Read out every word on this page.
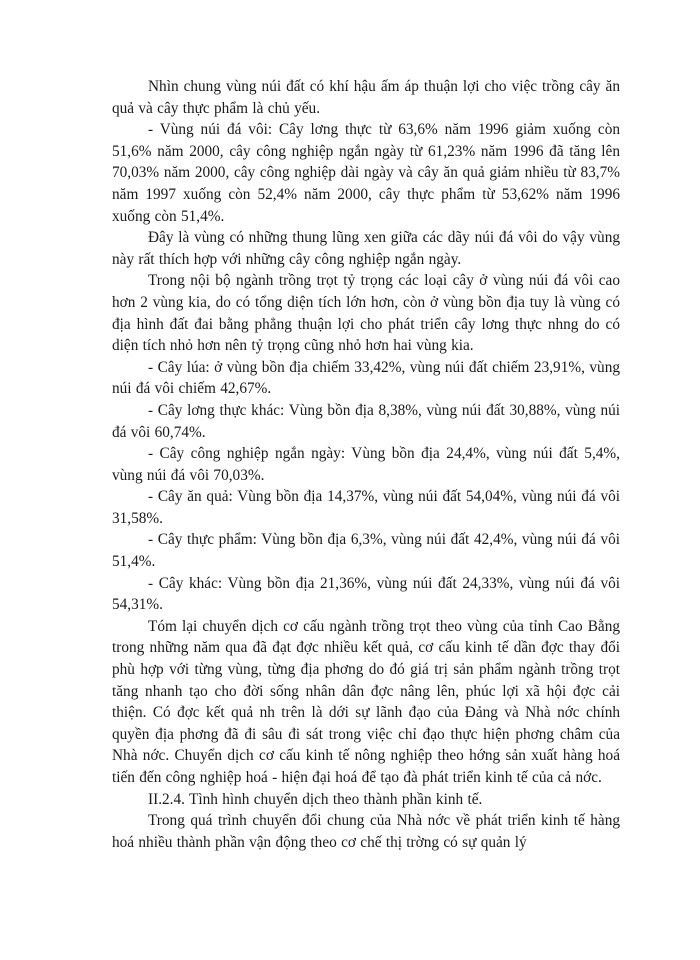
Nhìn chung vùng núi đất có khí hậu ấm áp thuận lợi cho việc trồng cây ăn quả và cây thực phẩm là chủ yếu.

- Vùng núi đá vôi: Cây lơng thực từ 63,6% năm 1996 giảm xuống còn 51,6% năm 2000, cây công nghiệp ngắn ngày từ 61,23% năm 1996 đã tăng lên 70,03% năm 2000, cây công nghiệp dài ngày và cây ăn quả giảm nhiều từ 83,7% năm 1997 xuống còn 52,4% năm 2000, cây thực phẩm từ 53,62% năm 1996 xuống còn 51,4%.

Đây là vùng có những thung lũng xen giữa các dãy núi đá vôi do vậy vùng này rất thích hợp với những cây công nghiệp ngắn ngày.

Trong nội bộ ngành trồng trọt tỷ trọng các loại cây ở vùng núi đá vôi cao hơn 2 vùng kia, do có tổng diện tích lớn hơn, còn ở vùng bồn địa tuy là vùng có địa hình đất đai bằng phẳng thuận lợi cho phát triển cây lơng thực nhng do có diện tích nhỏ hơn nên tỷ trọng cũng nhỏ hơn hai vùng kia.

- Cây lúa: ở vùng bồn địa chiếm 33,42%, vùng núi đất chiếm 23,91%, vùng núi đá vôi chiếm 42,67%.

- Cây lơng thực khác: Vùng bồn địa 8,38%, vùng núi đất 30,88%, vùng núi đá vôi 60,74%.

- Cây công nghiệp ngắn ngày: Vùng bồn địa 24,4%, vùng núi đất 5,4%, vùng núi đá vôi 70,03%.

- Cây ăn quả: Vùng bồn địa 14,37%, vùng núi đất 54,04%, vùng núi đá vôi 31,58%.

- Cây thực phẩm: Vùng bồn địa 6,3%, vùng núi đất 42,4%, vùng núi đá vôi 51,4%.

- Cây khác: Vùng bồn địa 21,36%, vùng núi đất 24,33%, vùng núi đá vôi 54,31%.

Tóm lại chuyển dịch cơ cấu ngành trồng trọt theo vùng của tỉnh Cao Bằng trong những năm qua đã đạt đợc nhiều kết quả, cơ cấu kinh tế dần đợc thay đổi phù hợp với từng vùng, từng địa phơng do đó giá trị sản phẩm ngành trồng trọt tăng nhanh tạo cho đời sống nhân dân đợc nâng lên, phúc lợi xã hội đợc cải thiện. Có đợc kết quả nh trên là dới sự lãnh đạo của Đảng và Nhà nớc chính quyền địa phơng đã đi sâu đi sát trong việc chỉ đạo thực hiện phơng châm của Nhà nớc. Chuyển dịch cơ cấu kinh tế nông nghiệp theo hớng sản xuất hàng hoá tiến đến công nghiệp hoá - hiện đại hoá để tạo đà phát triển kinh tế của cả nớc.

II.2.4. Tình hình chuyển dịch theo thành phần kinh tế.

Trong quá trình chuyển đổi chung của Nhà nớc về phát triển kinh tế hàng hoá nhiều thành phần vận động theo cơ chế thị trờng có sự quản lý
